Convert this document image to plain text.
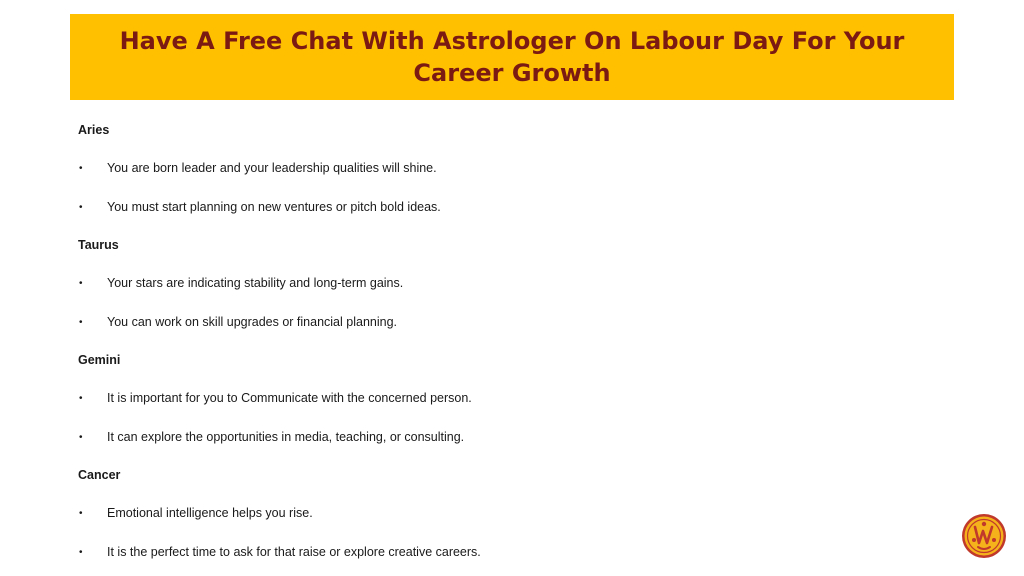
Have A Free Chat With Astrologer On Labour Day For Your Career Growth
Aries
•	You are born leader and your leadership qualities will shine.
•	You must start planning on new ventures or pitch bold ideas.
Taurus
•	Your stars are indicating stability and long-term gains.
•	You can work on skill upgrades or financial planning.
Gemini
•	It is important for you to Communicate with the concerned person.
•	It can explore the opportunities in media, teaching, or consulting.
Cancer
•	Emotional intelligence helps you rise.
•	It is the perfect time to ask for that raise or explore creative careers.
